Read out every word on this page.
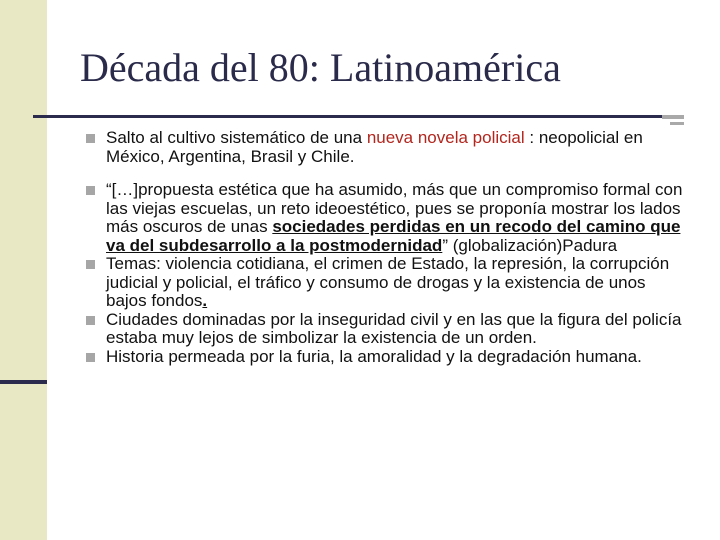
Década del 80: Latinoamérica
Salto al cultivo sistemático de una nueva novela policial : neopolicial en México, Argentina, Brasil y Chile.
“[…]propuesta estética que ha asumido, más que un compromiso formal con las viejas escuelas, un reto ideoestético, pues se proponía mostrar los lados más oscuros de unas sociedades perdidas en un recodo del camino que va del subdesarrollo a la postmodernidad” (globalización)Padura
Temas: violencia cotidiana, el crimen de Estado, la represión, la corrupción judicial y policial, el tráfico y consumo de drogas y la existencia de unos bajos fondos.
Ciudades dominadas por la inseguridad civil y en las que la figura del policía estaba muy lejos de simbolizar la existencia de un orden.
Historia permeada por la furia, la amoralidad y la degradación humana.
